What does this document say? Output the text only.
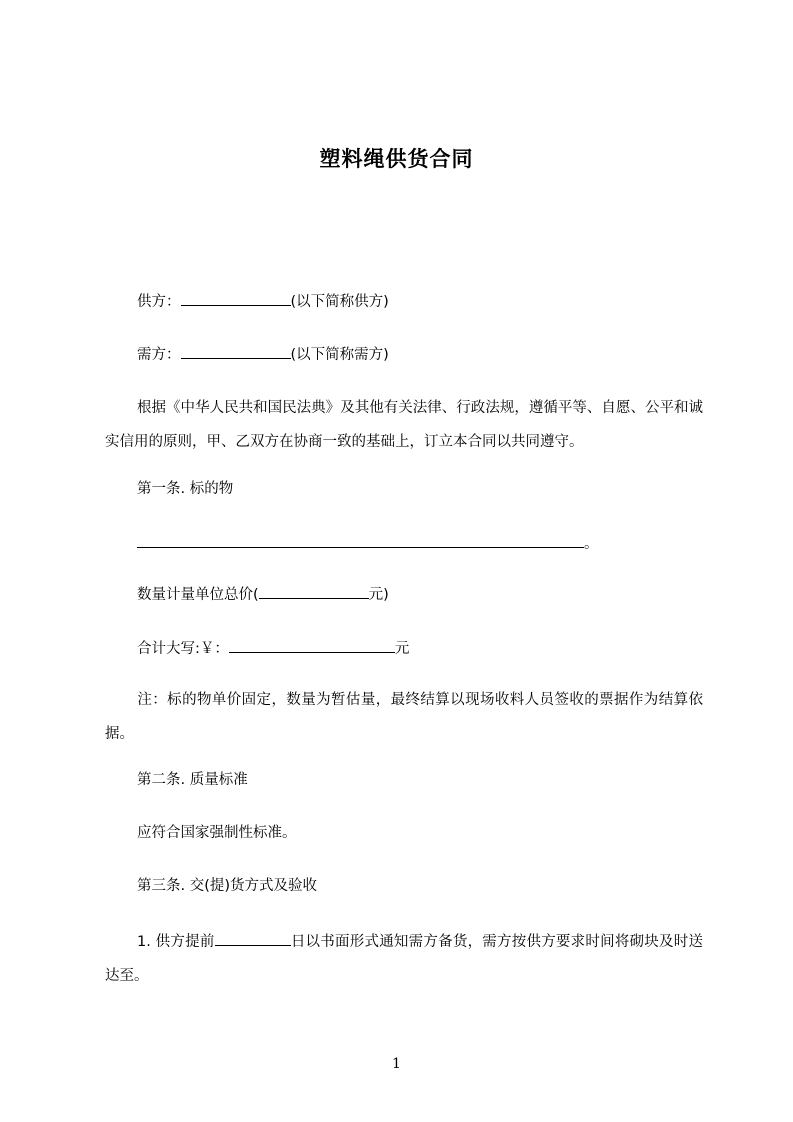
塑料绳供货合同
供方：	(以下简称供方)
需方：	(以下简称需方)
根据《中华人民共和国民法典》及其他有关法律、行政法规，遵循平等、自愿、公平和诚实信用的原则，甲、乙双方在协商一致的基础上，订立本合同以共同遵守。
第一条. 标的物
。
数量计量单位总价(	元)
合计大写:￥：	元
注：标的物单价固定，数量为暂估量，最终结算以现场收料人员签收的票据作为结算依据。
第二条. 质量标准
应符合国家强制性标准。
第三条. 交(提)货方式及验收
1. 供方提前	日以书面形式通知需方备货，需方按供方要求时间将砌块及时送达至。
1
